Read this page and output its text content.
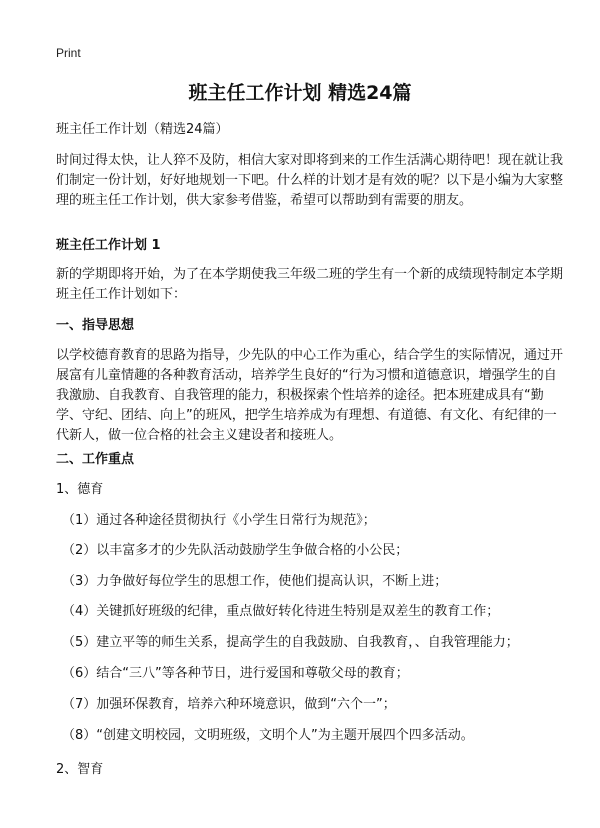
Print
班主任工作计划 精选24篇
班主任工作计划（精选24篇）
时间过得太快，让人猝不及防，相信大家对即将到来的工作生活满心期待吧！现在就让我们制定一份计划，好好地规划一下吧。什么样的计划才是有效的呢？以下是小编为大家整理的班主任工作计划，供大家参考借鉴，希望可以帮助到有需要的朋友。
班主任工作计划 1
新的学期即将开始，为了在本学期使我三年级二班的学生有一个新的成绩现特制定本学期班主任工作计划如下：
一、指导思想
以学校德育教育的思路为指导，少先队的中心工作为重心，结合学生的实际情况，通过开展富有儿童情趣的各种教育活动，培养学生良好的“行为习惯和道德意识，增强学生的自我激励、自我教育、自我管理的能力，积极探索个性培养的途径。把本班建成具有“勤学、守纪、团结、向上”的班风，把学生培养成为有理想、有道德、有文化、有纪律的一代新人，做一位合格的社会主义建设者和接班人。
二、工作重点
1、德育
（1）通过各种途径贯彻执行《小学生日常行为规范》；
（2）以丰富多才的少先队活动鼓励学生争做合格的小公民；
（3）力争做好每位学生的思想工作，使他们提高认识，不断上进；
（4）关键抓好班级的纪律，重点做好转化待进生特别是双差生的教育工作；
（5）建立平等的师生关系，提高学生的自我鼓励、自我教育，、自我管理能力；
（6）结合“三八”等各种节日，进行爱国和尊敬父母的教育；
（7）加强环保教育，培养六种环境意识，做到“六个一”；
（8）“创建文明校园，文明班级，文明个人”为主题开展四个四多活动。
2、智育
